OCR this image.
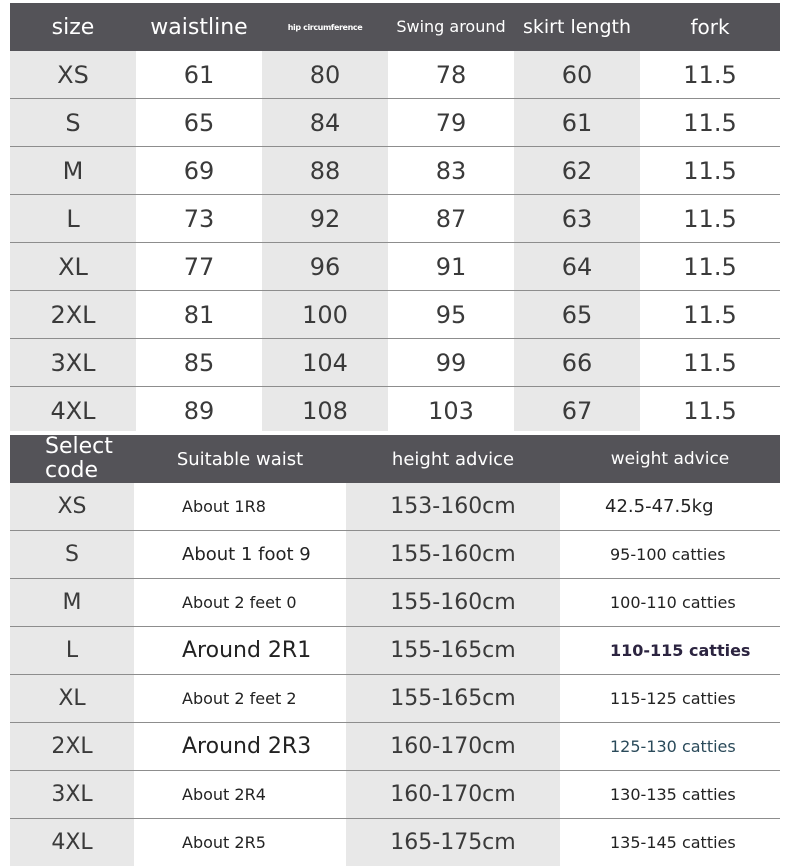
size	waistline	hip circumference	Swing around	skirt length	fork
XS	61	80	78	60	11.5
S	65	84	79	61	11.5
M	69	88	83	62	11.5
L	73	92	87	63	11.5
XL	77	96	91	64	11.5
2XL	81	100	95	65	11.5
3XL	85	104	99	66	11.5
4XL	89	108	103	67	11.5
Select code	Suitable waist	height advice	weight advice
XS	About 1R8	153-160cm	42.5-47.5kg
S	About 1 foot 9	155-160cm	95-100 catties
M	About 2 feet 0	155-160cm	100-110 catties
L	Around 2R1	155-165cm	110-115 catties
XL	About 2 feet 2	155-165cm	115-125 catties
2XL	Around 2R3	160-170cm	125-130 catties
3XL	About 2R4	160-170cm	130-135 catties
4XL	About 2R5	165-175cm	135-145 catties
